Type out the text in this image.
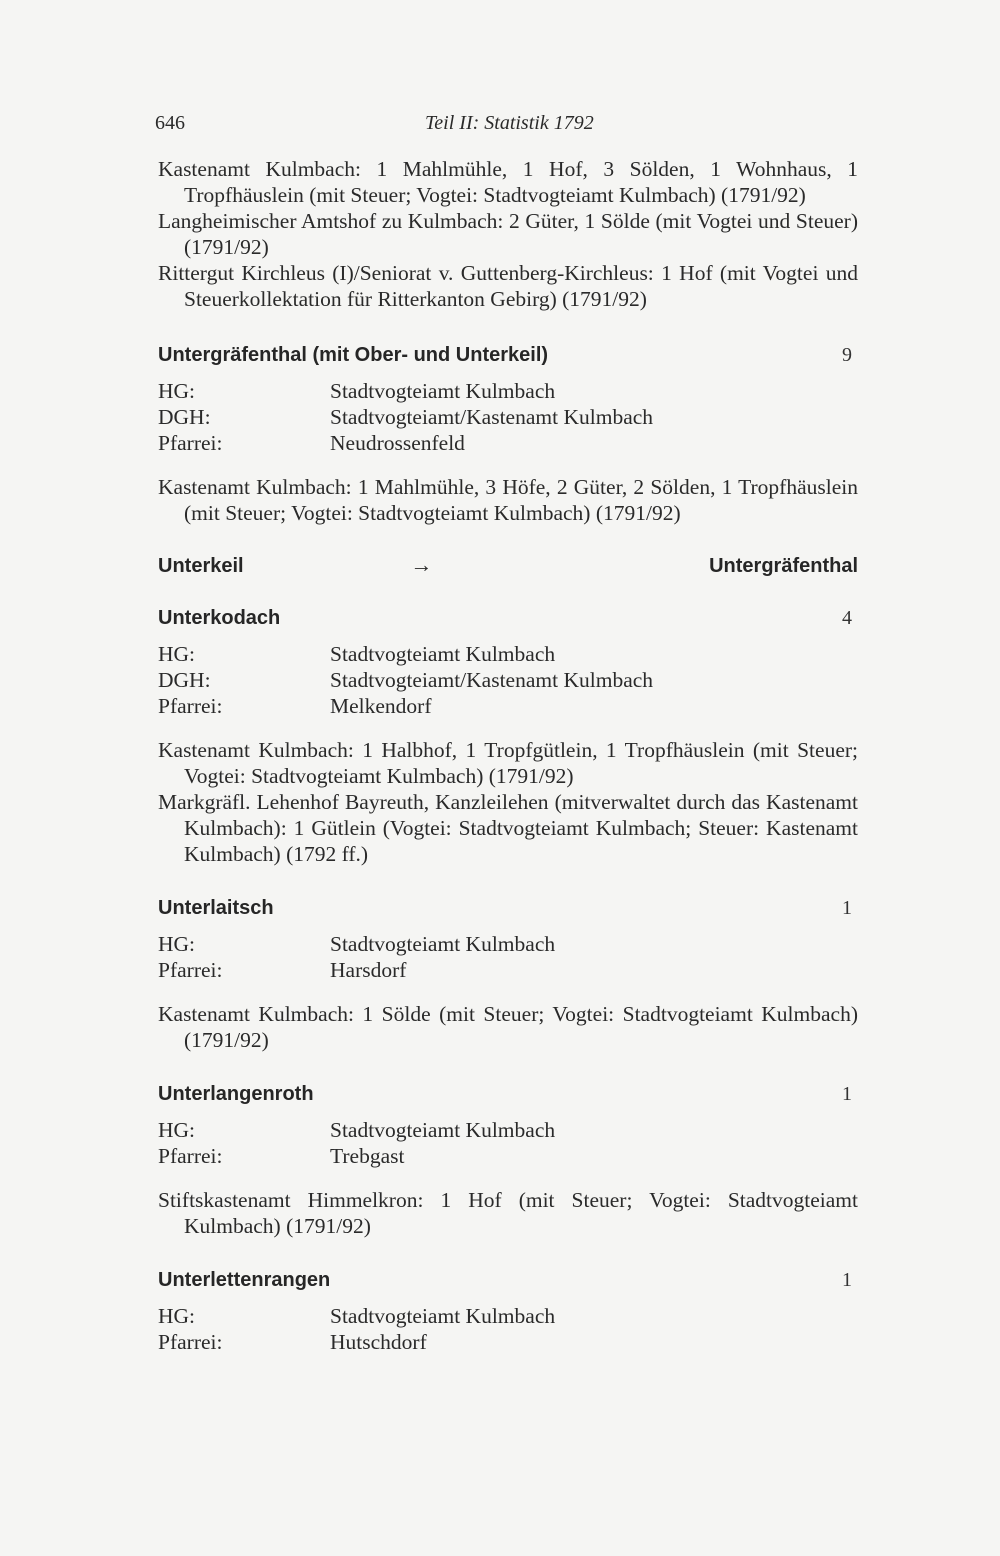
646	Teil II: Statistik 1792

Kastenamt Kulmbach: 1 Mahlmühle, 1 Hof, 3 Sölden, 1 Wohnhaus, 1 Tropfhäuslein (mit Steuer; Vogtei: Stadtvogteiamt Kulmbach) (1791/92)

Langheimischer Amtshof zu Kulmbach: 2 Güter, 1 Sölde (mit Vogtei und Steuer) (1791/92)

Rittergut Kirchleus (I)/Seniorat v. Guttenberg-Kirchleus: 1 Hof (mit Vogtei und Steuerkollektation für Ritterkanton Gebirg) (1791/92)

Untergräfenthal (mit Ober- und Unterkeil)	9
HG:	Stadtvogteiamt Kulmbach
DGH:	Stadtvogteiamt/Kastenamt Kulmbach
Pfarrei:	Neudrossenfeld

Kastenamt Kulmbach: 1 Mahlmühle, 3 Höfe, 2 Güter, 2 Sölden, 1 Tropfhäuslein (mit Steuer; Vogtei: Stadtvogteiamt Kulmbach) (1791/92)

Unterkeil	→	Untergräfenthal
Unterkodach	4
HG:	Stadtvogteiamt Kulmbach
DGH:	Stadtvogteiamt/Kastenamt Kulmbach
Pfarrei:	Melkendorf

Kastenamt Kulmbach: 1 Halbhof, 1 Tropfgütlein, 1 Tropfhäuslein (mit Steuer; Vogtei: Stadtvogteiamt Kulmbach) (1791/92)

Markgräfl. Lehenhof Bayreuth, Kanzleilehen (mitverwaltet durch das Kastenamt Kulmbach): 1 Gütlein (Vogtei: Stadtvogteiamt Kulmbach; Steuer: Kastenamt Kulmbach) (1792 ff.)

Unterlaitsch	1
HG:	Stadtvogteiamt Kulmbach
Pfarrei:	Harsdorf

Kastenamt Kulmbach: 1 Sölde (mit Steuer; Vogtei: Stadtvogteiamt Kulmbach) (1791/92)

Unterlangenroth	1
HG:	Stadtvogteiamt Kulmbach
Pfarrei:	Trebgast

Stiftskastenamt Himmelkron: 1 Hof (mit Steuer; Vogtei: Stadtvogteiamt Kulmbach) (1791/92)

Unterlettenrangen	1
HG:	Stadtvogteiamt Kulmbach
Pfarrei:	Hutschdorf
